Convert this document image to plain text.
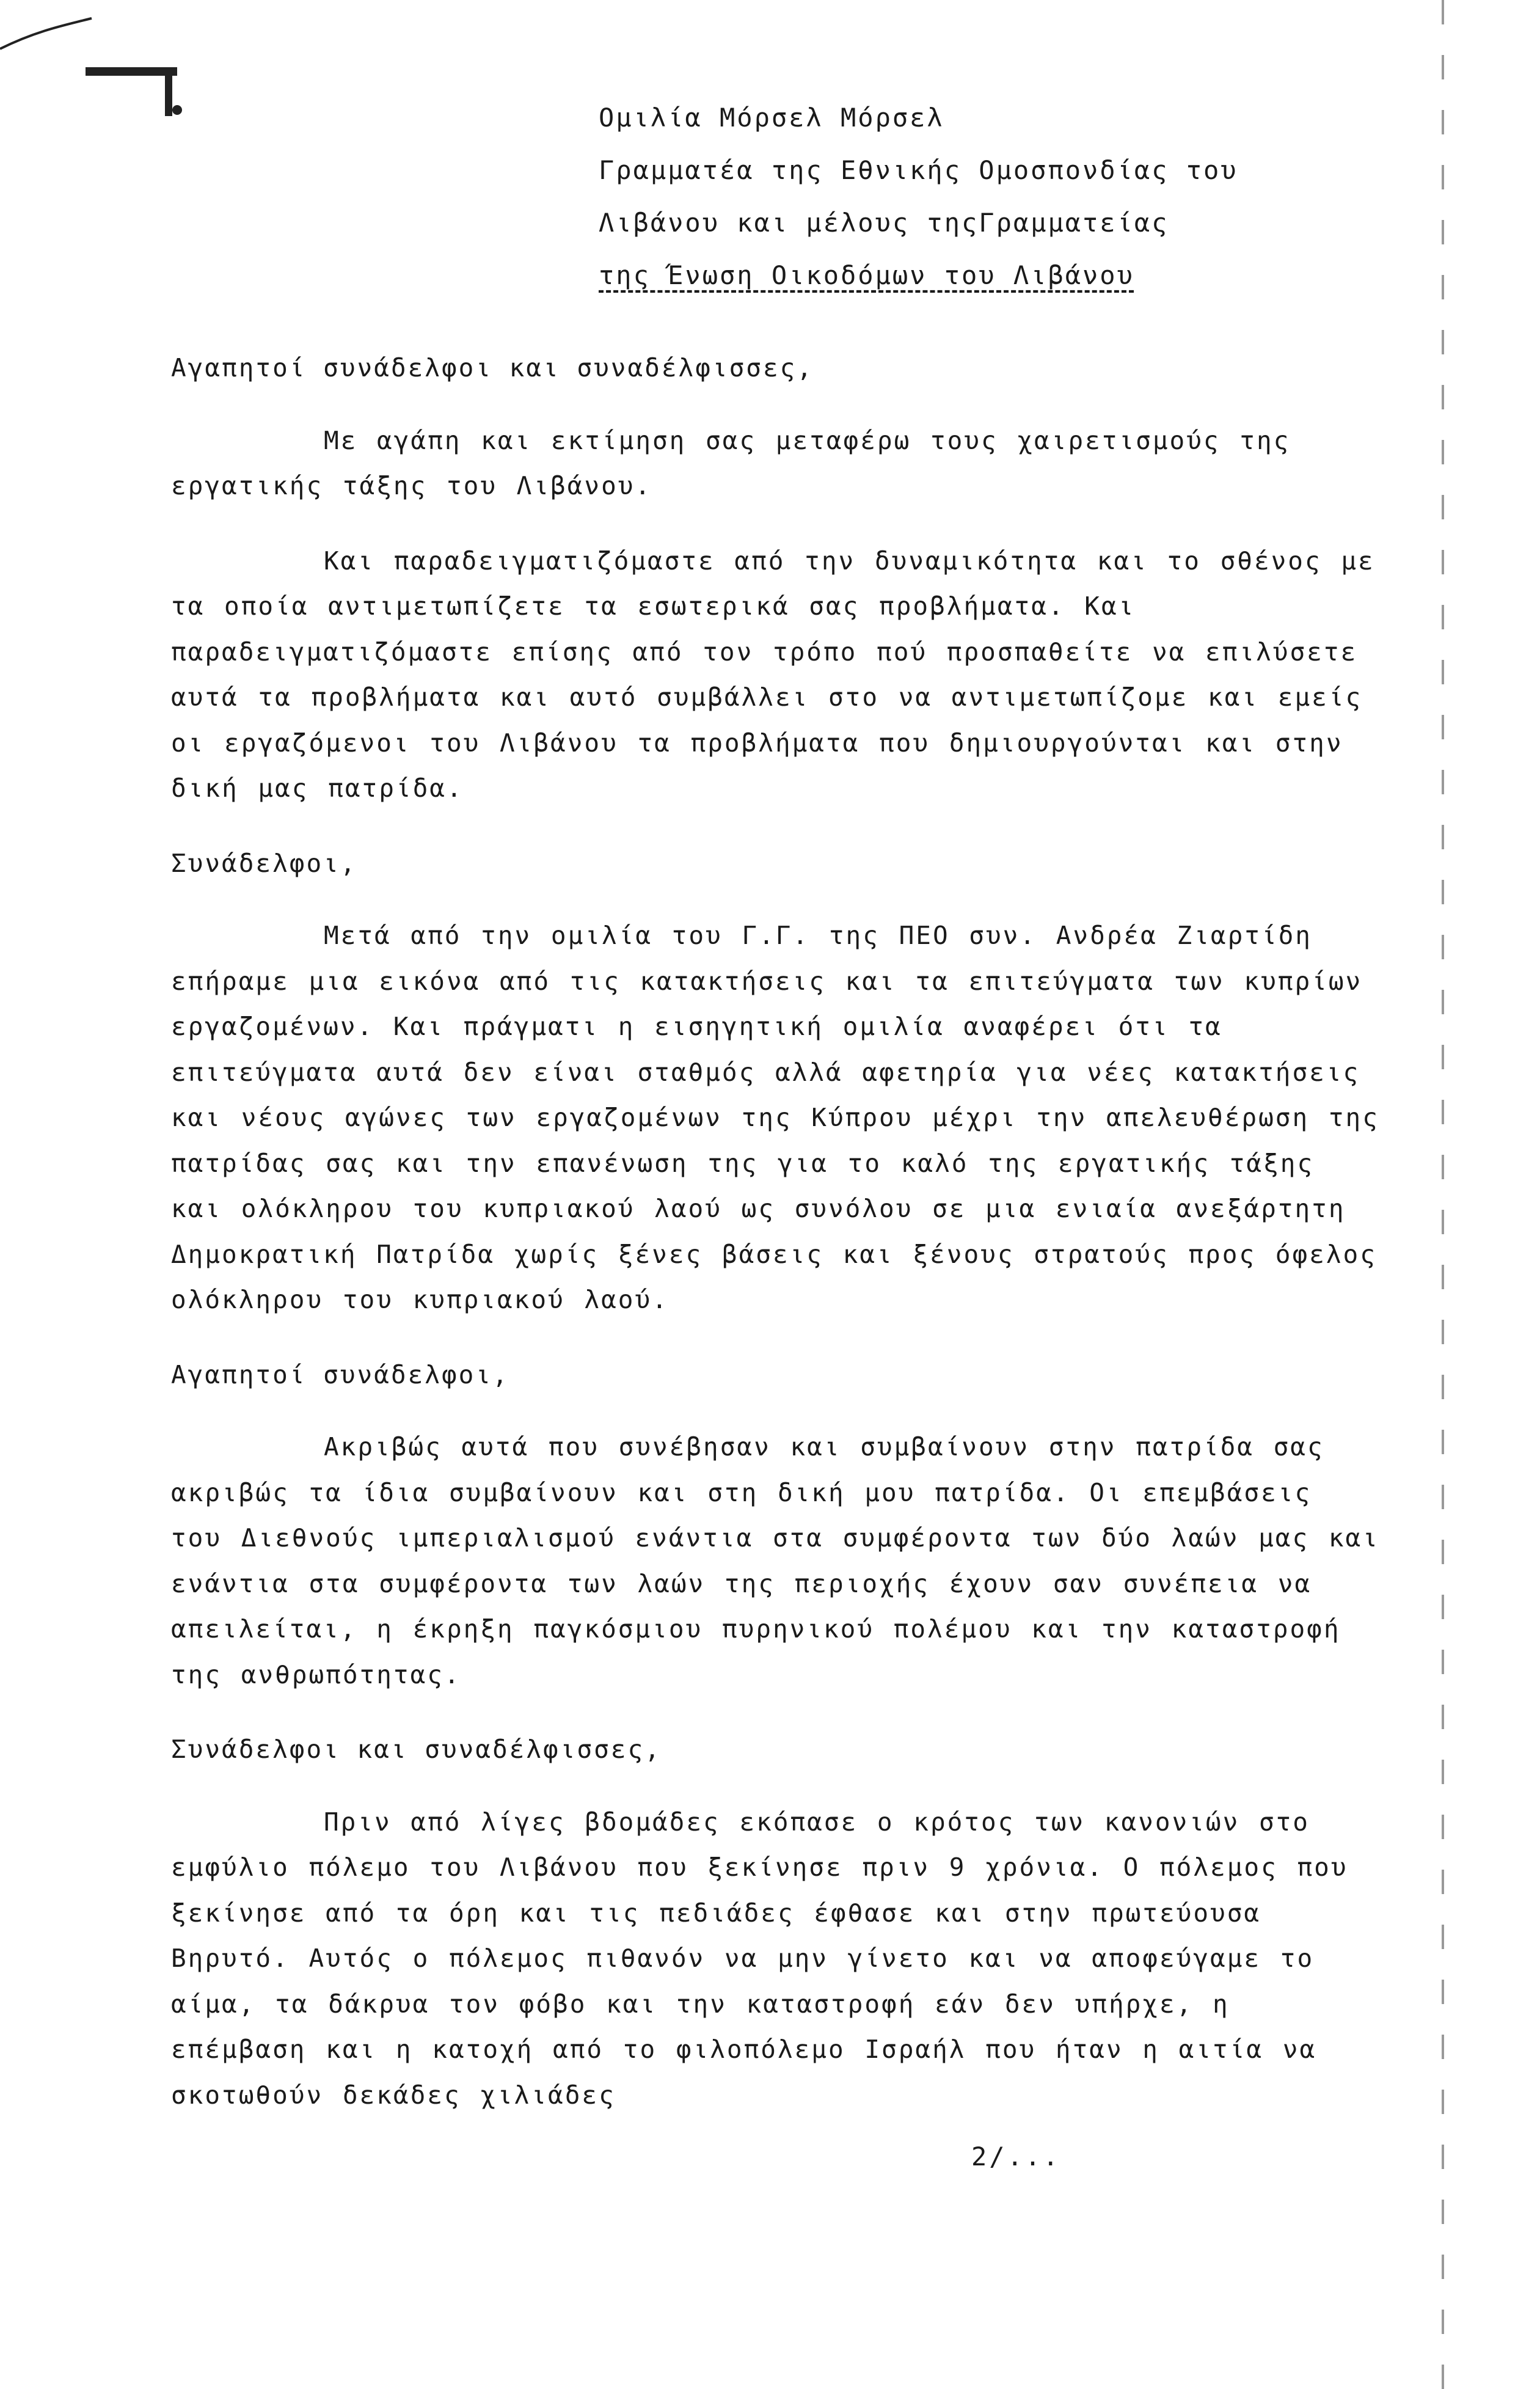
Ομιλία Μόρσελ Μόρσελ
Γραμματέα της Εθνικής Ομοσπονδίας του
Λιβάνου και μέλους τηςΓραμματείας
της Ένωση Οικοδόμων του Λιβάνου
Αγαπητοί συνάδελφοι και συναδέλφισσες,

Με αγάπη και εκτίμηση σας μεταφέρω τους χαιρετισμούς της εργατικής τάξης του Λιβάνου.

Και παραδειγματιζόμαστε από την δυναμικότητα και το σθένος με τα οποία αντιμετωπίζετε τα εσωτερικά σας προβλήματα. Και παραδειγματιζόμαστε επίσης από τον τρόπο πού προσπαθείτε να επιλύσετε αυτά τα προβλήματα και αυτό συμβάλλει στο να αντιμετωπίζομε και εμείς οι εργαζόμενοι του Λιβάνου τα προβλήματα που δημιουργούνται και στην δική μας πατρίδα.

Συνάδελφοι,

Μετά από την ομιλία του Γ.Γ. της ΠΕΟ συν. Ανδρέα Ζιαρτίδη επήραμε μια εικόνα από τις κατακτήσεις και τα επιτεύγματα των κυπρίων εργαζομένων. Και πράγματι η εισηγητική ομιλία αναφέρει ότι τα επιτεύγματα αυτά δεν είναι σταθμός αλλά αφετηρία για νέες κατακτήσεις και νέους αγώνες των εργαζομένων της Κύπρου μέχρι την απελευθέρωση της πατρίδας σας και την επανένωση της για το καλό της εργατικής τάξης και ολόκληρου του κυπριακού λαού ως συνόλου σε μια ενιαία ανεξάρτητη Δημοκρατική Πατρίδα χωρίς ξένες βάσεις και ξένους στρατούς προς όφελος ολόκληρου του κυπριακού λαού.

Αγαπητοί συνάδελφοι,

Ακριβώς αυτά που συνέβησαν και συμβαίνουν στην πατρίδα σας ακριβώς τα ίδια συμβαίνουν και στη δική μου πατρίδα. Οι επεμβάσεις του Διεθνούς ιμπεριαλισμού ενάντια στα συμφέροντα των δύο λαών μας και ενάντια στα συμφέροντα των λαών της περιοχής έχουν σαν συνέπεια να απειλείται, η έκρηξη παγκόσμιου πυρηνικού πολέμου και την καταστροφή της ανθρωπότητας.

Συνάδελφοι και συναδέλφισσες,

Πριν από λίγες βδομάδες εκόπασε ο κρότος των κανονιών στο εμφύλιο πόλεμο του Λιβάνου που ξεκίνησε πριν 9 χρόνια. Ο πόλεμος που ξεκίνησε από τα όρη και τις πεδιάδες έφθασε και στην πρωτεύουσα Βηρυτό. Αυτός ο πόλεμος πιθανόν να μην γίνετο και να αποφεύγαμε το αίμα, τα δάκρυα τον φόβο και την καταστροφή εάν δεν υπήρχε, η επέμβαση και η κατοχή από το φιλοπόλεμο Ισραήλ που ήταν η αιτία να σκοτωθούν δεκάδες χιλιάδες

2/...
